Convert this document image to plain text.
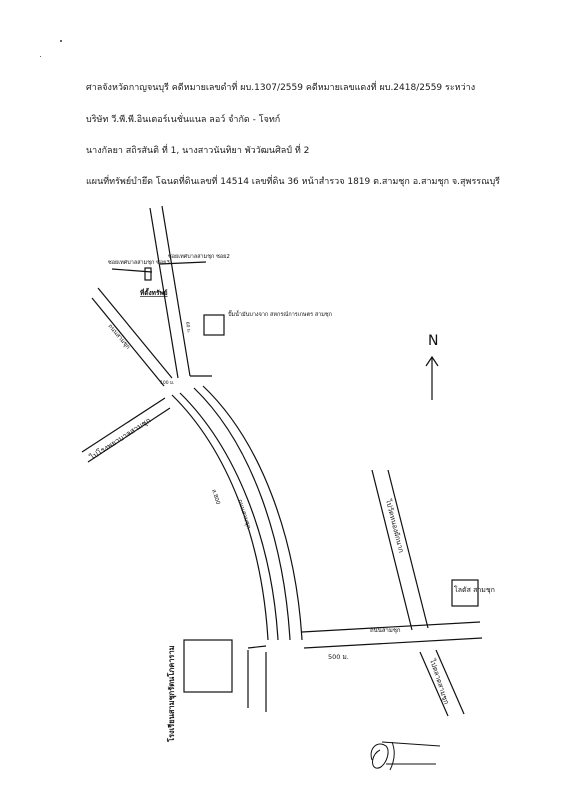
ศาลจังหวัดกาญจนบุรี คดีหมายเลขดำที่ ผบ.1307/2559 คดีหมายเลขแดงที่ ผบ.2418/2559 ระหว่าง
บริษัท วี.พี.พี.อินเตอร์เนชั่นแนล ลอว์ จำกัด - โจทก์
นางกัลยา สถิรสันติ ที่ 1, นางสาวนันทิยา พัววัฒนศิลป์ ที่ 2
แผนที่ทรัพย์บำยึด โฉนดที่ดินเลขที่ 14514 เลขที่ดิน 36 หน้าสำรวจ 1819 ต.สามชุก อ.สามชุก จ.สุพรรณบุรี
N
ซอยเทศบาลสามชุก ซอย3
ซอยเทศบาลสามชุก ซอย2
ที่ตั้งทรัพย์
ปั๊มน้ำมันบางจาก สหกรณ์การเกษตร สามชุก
ถนนสามชุก
ไปโรงพยาบาลสามชุก
ถนนสามชุก
ส.800
ไปวัดหนองผักนาก
ถนนสามชุก
ไปตลาดสามชุก
500 ม.
โรงเรียนสามชุกรัตนโภคาราม
โลตัส สามชุก
100 ม.
60 ม.
